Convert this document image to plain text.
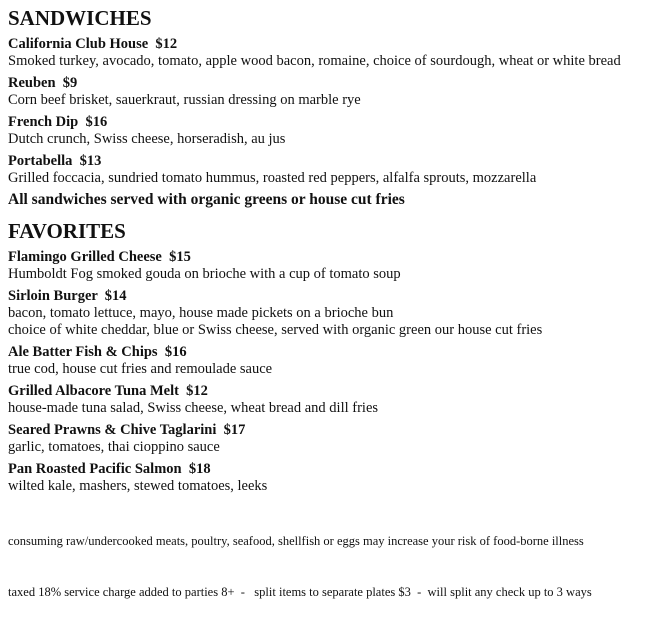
SANDWICHES
California Club House  $12
Smoked turkey, avocado, tomato, apple wood bacon, romaine, choice of sourdough, wheat or white bread
Reuben  $9
Corn beef brisket, sauerkraut, russian dressing on marble rye
French Dip  $16
Dutch crunch, Swiss cheese, horseradish, au jus
Portabella  $13
Grilled foccacia, sundried tomato hummus, roasted red peppers, alfalfa sprouts, mozzarella
All sandwiches served with organic greens or house cut fries
FAVORITES
Flamingo Grilled Cheese  $15
Humboldt Fog smoked gouda on brioche with a cup of tomato soup
Sirloin Burger  $14
bacon, tomato lettuce, mayo, house made pickets on a brioche bun
choice of white cheddar, blue or Swiss cheese, served with organic green our house cut fries
Ale Batter Fish & Chips  $16
true cod, house cut fries and remoulade sauce
Grilled Albacore Tuna Melt  $12
house-made tuna salad, Swiss cheese, wheat bread and dill fries
Seared Prawns & Chive Taglarini  $17
garlic, tomatoes, thai cioppino sauce
Pan Roasted Pacific Salmon  $18
wilted kale, mashers, stewed tomatoes, leeks

consuming raw/undercooked meats, poultry, seafood, shellfish or eggs may increase your risk of food-borne illness

taxed 18% service charge added to parties 8+  -   split items to separate plates $3  -  will split any check up to 3 ways
